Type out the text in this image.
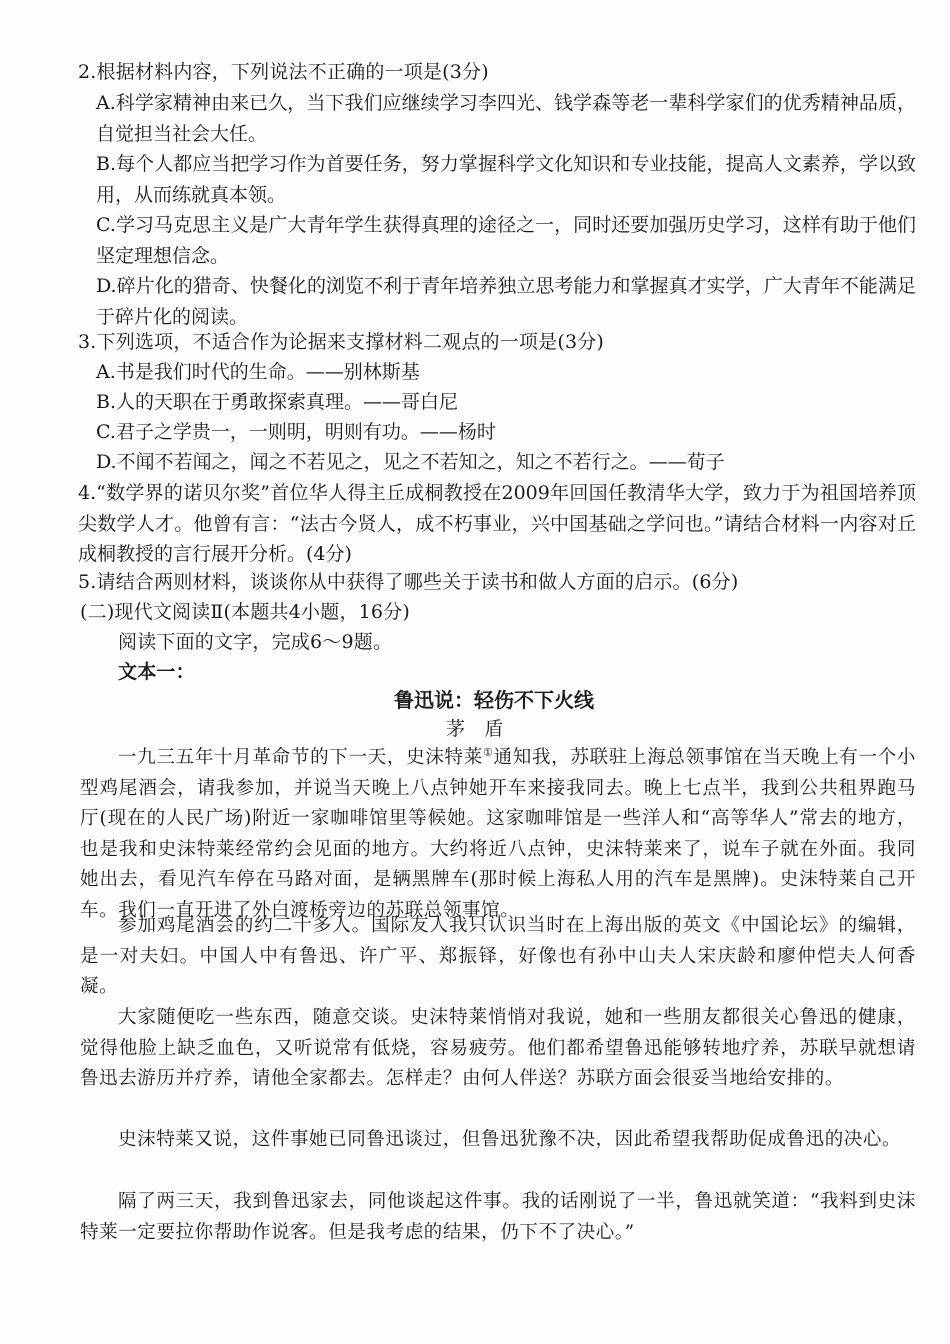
2.根据材料内容，下列说法不正确的一项是(3分)
A.科学家精神由来已久，当下我们应继续学习李四光、钱学森等老一辈科学家们的优秀精神品质，自觉担当社会大任。
B.每个人都应当把学习作为首要任务，努力掌握科学文化知识和专业技能，提高人文素养，学以致用，从而练就真本领。
C.学习马克思主义是广大青年学生获得真理的途径之一，同时还要加强历史学习，这样有助于他们坚定理想信念。
D.碎片化的猎奇、快餐化的浏览不利于青年培养独立思考能力和掌握真才实学，广大青年不能满足于碎片化的阅读。
3.下列选项，不适合作为论据来支撑材料二观点的一项是(3分)
A.书是我们时代的生命。——别林斯基
B.人的天职在于勇敢探索真理。——哥白尼
C.君子之学贵一，一则明，明则有功。——杨时
D.不闻不若闻之，闻之不若见之，见之不若知之，知之不若行之。——荀子
4.“数学界的诺贝尔奖”首位华人得主丘成桐教授在2009年回国任教清华大学，致力于为祖国培养顶尖数学人才。他曾有言：“法古今贤人，成不朽事业，兴中国基础之学问也。”请结合材料一内容对丘成桐教授的言行展开分析。(4分)
5.请结合两则材料，谈谈你从中获得了哪些关于读书和做人方面的启示。(6分)
(二)现代文阅读Ⅱ(本题共4小题，16分)
阅读下面的文字，完成6～9题。
文本一：
鲁迅说：轻伤不下火线
茅　盾
一九三五年十月革命节的下一天，史沫特莱①通知我，苏联驻上海总领事馆在当天晚上有一个小型鸡尾酒会，请我参加，并说当天晚上八点钟她开车来接我同去。晚上七点半，我到公共租界跑马厅(现在的人民广场)附近一家咖啡馆里等候她。这家咖啡馆是一些洋人和“高等华人”常去的地方，也是我和史沫特莱经常约会见面的地方。大约将近八点钟，史沫特莱来了，说车子就在外面。我同她出去，看见汽车停在马路对面，是辆黑牌车(那时候上海私人用的汽车是黑牌)。史沫特莱自己开车。我们一直开进了外白渡桥旁边的苏联总领事馆。
参加鸡尾酒会的约二十多人。国际友人我只认识当时在上海出版的英文《中国论坛》的编辑，是一对夫妇。中国人中有鲁迅、许广平、郑振铎，好像也有孙中山夫人宋庆龄和廖仲恺夫人何香凝。
大家随便吃一些东西，随意交谈。史沫特莱悄悄对我说，她和一些朋友都很关心鲁迅的健康，觉得他脸上缺乏血色，又听说常有低烧，容易疲劳。他们都希望鲁迅能够转地疗养，苏联早就想请鲁迅去游历并疗养，请他全家都去。怎样走？由何人伴送？苏联方面会很妥当地给安排的。
史沫特莱又说，这件事她已同鲁迅谈过，但鲁迅犹豫不决，因此希望我帮助促成鲁迅的决心。
隔了两三天，我到鲁迅家去，同他谈起这件事。我的话刚说了一半，鲁迅就笑道：“我料到史沫特莱一定要拉你帮助作说客。但是我考虑的结果，仍下不了决心。”
